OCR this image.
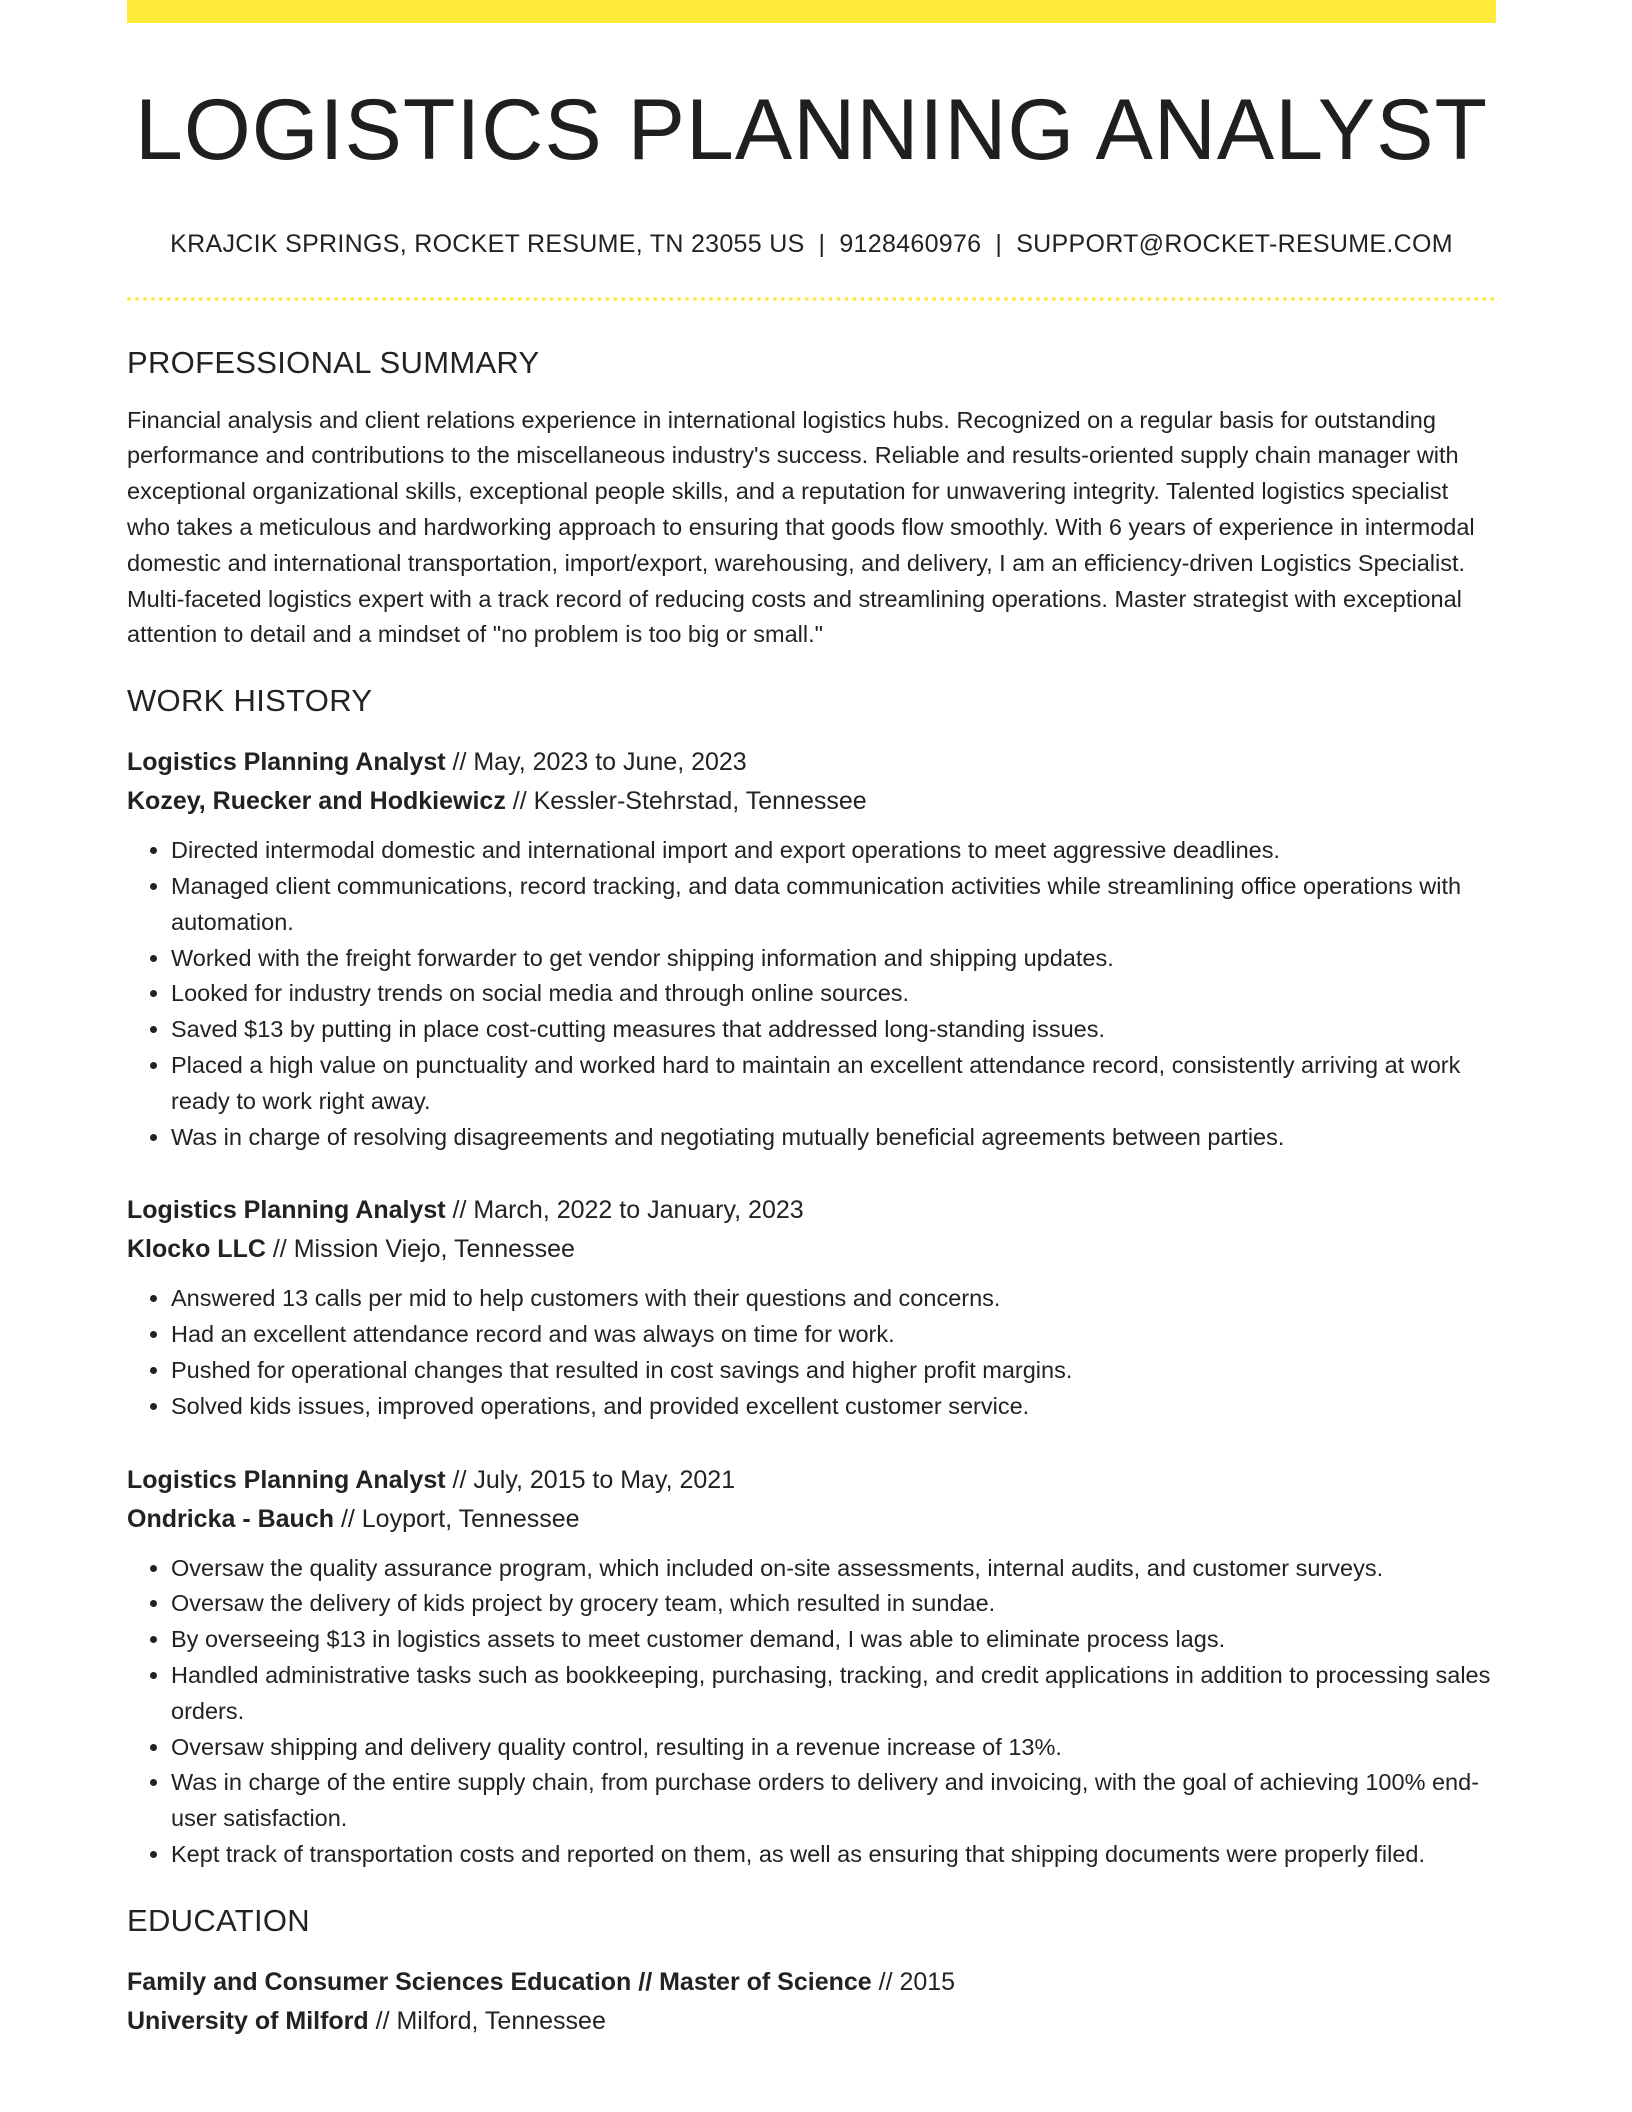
LOGISTICS PLANNING ANALYST
KRAJCIK SPRINGS, ROCKET RESUME, TN 23055 US | 9128460976 | SUPPORT@ROCKET-RESUME.COM
PROFESSIONAL SUMMARY

Financial analysis and client relations experience in international logistics hubs. Recognized on a regular basis for outstanding performance and contributions to the miscellaneous industry's success. Reliable and results-oriented supply chain manager with exceptional organizational skills, exceptional people skills, and a reputation for unwavering integrity. Talented logistics specialist who takes a meticulous and hardworking approach to ensuring that goods flow smoothly. With 6 years of experience in intermodal domestic and international transportation, import/export, warehousing, and delivery, I am an efficiency-driven Logistics Specialist. Multi-faceted logistics expert with a track record of reducing costs and streamlining operations. Master strategist with exceptional attention to detail and a mindset of "no problem is too big or small."

WORK HISTORY
Logistics Planning Analyst // May, 2023 to June, 2023
Kozey, Ruecker and Hodkiewicz // Kessler-Stehrstad, Tennessee
• Directed intermodal domestic and international import and export operations to meet aggressive deadlines.
• Managed client communications, record tracking, and data communication activities while streamlining office operations with automation.
• Worked with the freight forwarder to get vendor shipping information and shipping updates.
• Looked for industry trends on social media and through online sources.
• Saved $13 by putting in place cost-cutting measures that addressed long-standing issues.
• Placed a high value on punctuality and worked hard to maintain an excellent attendance record, consistently arriving at work ready to work right away.
• Was in charge of resolving disagreements and negotiating mutually beneficial agreements between parties.
Logistics Planning Analyst // March, 2022 to January, 2023
Klocko LLC // Mission Viejo, Tennessee
• Answered 13 calls per mid to help customers with their questions and concerns.
• Had an excellent attendance record and was always on time for work.
• Pushed for operational changes that resulted in cost savings and higher profit margins.
• Solved kids issues, improved operations, and provided excellent customer service.
Logistics Planning Analyst // July, 2015 to May, 2021
Ondricka - Bauch // Loyport, Tennessee
• Oversaw the quality assurance program, which included on-site assessments, internal audits, and customer surveys.
• Oversaw the delivery of kids project by grocery team, which resulted in sundae.
• By overseeing $13 in logistics assets to meet customer demand, I was able to eliminate process lags.
• Handled administrative tasks such as bookkeeping, purchasing, tracking, and credit applications in addition to processing sales orders.
• Oversaw shipping and delivery quality control, resulting in a revenue increase of 13%.
• Was in charge of the entire supply chain, from purchase orders to delivery and invoicing, with the goal of achieving 100% end-user satisfaction.
• Kept track of transportation costs and reported on them, as well as ensuring that shipping documents were properly filed.
EDUCATION
Family and Consumer Sciences Education // Master of Science // 2015
University of Milford // Milford, Tennessee
